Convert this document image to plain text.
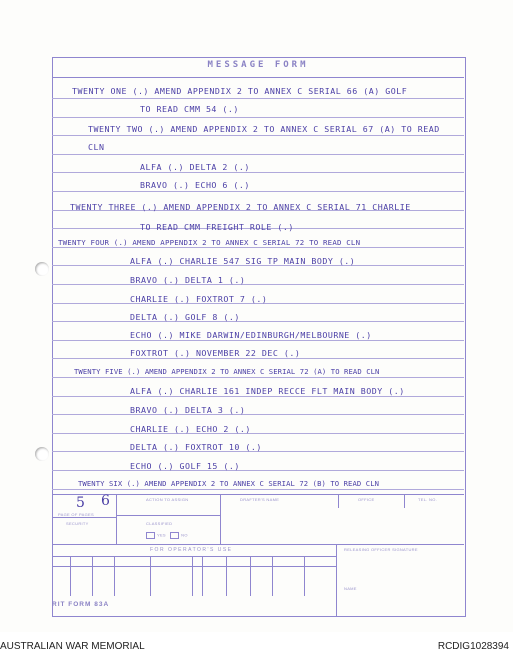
MESSAGE FORM
TWENTY ONE (.) AMEND APPENDIX 2 TO ANNEX C SERIAL 66 (A) GOLF
TO READ CMM 54 (.)
TWENTY TWO (.) AMEND APPENDIX 2 TO ANNEX C SERIAL 67 (A) TO READ
CLN
ALFA (.) DELTA 2 (.)
BRAVO (.) ECHO 6 (.)
TWENTY THREE (.) AMEND APPENDIX 2 TO ANNEX C SERIAL 71 CHARLIE
TO READ CMM FREIGHT ROLE (.)
TWENTY FOUR (.) AMEND APPENDIX 2 TO ANNEX C SERIAL 72 TO READ CLN
ALFA (.) CHARLIE 547 SIG TP MAIN BODY (.)
BRAVO (.) DELTA 1 (.)
CHARLIE (.) FOXTROT 7 (.)
DELTA (.) GOLF 8 (.)
ECHO (.) MIKE DARWIN/EDINBURGH/MELBOURNE (.)
FOXTROT (.) NOVEMBER 22 DEC (.)
TWENTY FIVE (.) AMEND APPENDIX 2 TO ANNEX C SERIAL 72 (A) TO READ CLN
ALFA (.) CHARLIE 161 INDEP RECCE FLT MAIN BODY (.)
BRAVO (.) DELTA 3 (.)
CHARLIE (.) ECHO 2 (.)
DELTA (.) FOXTROT 10 (.)
ECHO (.) GOLF 15 (.)
TWENTY SIX (.) AMEND APPENDIX 2 TO ANNEX C SERIAL 72 (B) TO READ CLN
5 6
PAGE OF PAGES
SECURITY
ACTION TO ASSIGN	DRAFTER'S NAME	OFFICE	TEL. NO.
CLASSIFIED
YES	NO
FOR OPERATOR'S USE	RELEASING OFFICER SIGNATURE
NAME
RIT FORM 83A
AUSTRALIAN WAR MEMORIAL	RCDIG1028394
